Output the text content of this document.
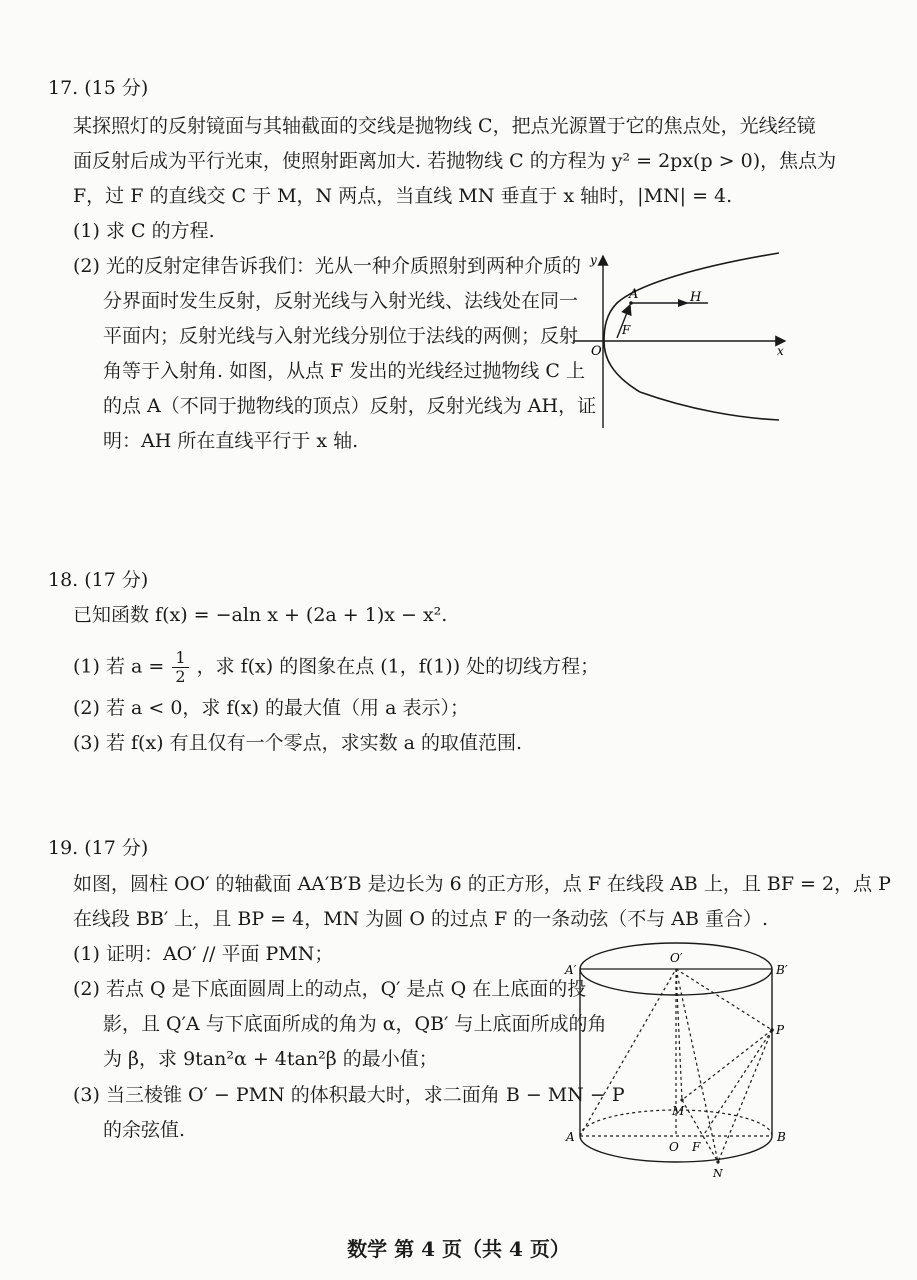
17. (15 分)
某探照灯的反射镜面与其轴截面的交线是抛物线 C，把点光源置于它的焦点处，光线经镜
面反射后成为平行光束，使照射距离加大. 若抛物线 C 的方程为 y² = 2px(p > 0)，焦点为
F，过 F 的直线交 C 于 M，N 两点，当直线 MN 垂直于 x 轴时，|MN| = 4.
(1) 求 C 的方程.
(2) 光的反射定律告诉我们：光从一种介质照射到两种介质的
分界面时发生反射，反射光线与入射光线、法线处在同一
平面内；反射光线与入射光线分别位于法线的两侧；反射
角等于入射角. 如图，从点 F 发出的光线经过抛物线 C 上
的点 A（不同于抛物线的顶点）反射，反射光线为 AH，证
明：AH 所在直线平行于 x 轴.
y
x
O
A	H
F
18. (17 分)
已知函数 f(x) = −aln x + (2a + 1)x − x².
(1) 若 $a = \frac{1}{2}$ ，求 f(x) 的图象在点 (1，f(1)) 处的切线方程；
(2) 若 a < 0，求 f(x) 的最大值（用 a 表示）；
(3) 若 f(x) 有且仅有一个零点，求实数 a 的取值范围.
19. (17 分)
如图，圆柱 OO′ 的轴截面 AA′B′B 是边长为 6 的正方形，点 F 在线段 AB 上，且 BF = 2，点 P
在线段 BB′ 上，且 BP = 4，MN 为圆 O 的过点 F 的一条动弦（不与 AB 重合）.
(1) 证明：AO′ // 平面 PMN；
(2) 若点 Q 是下底面圆周上的动点，Q′ 是点 Q 在上底面的投
影，且 Q′A 与下底面所成的角为 α，QB′ 与上底面所成的角
为 β，求 9tan²α + 4tan²β 的最小值；
(3) 当三棱锥 O′ − PMN 的体积最大时，求二面角 B − MN − P
的余弦值.
A′
O′
B′
P
M
A
O F
B
N
数学 第 4 页（共 4 页）
